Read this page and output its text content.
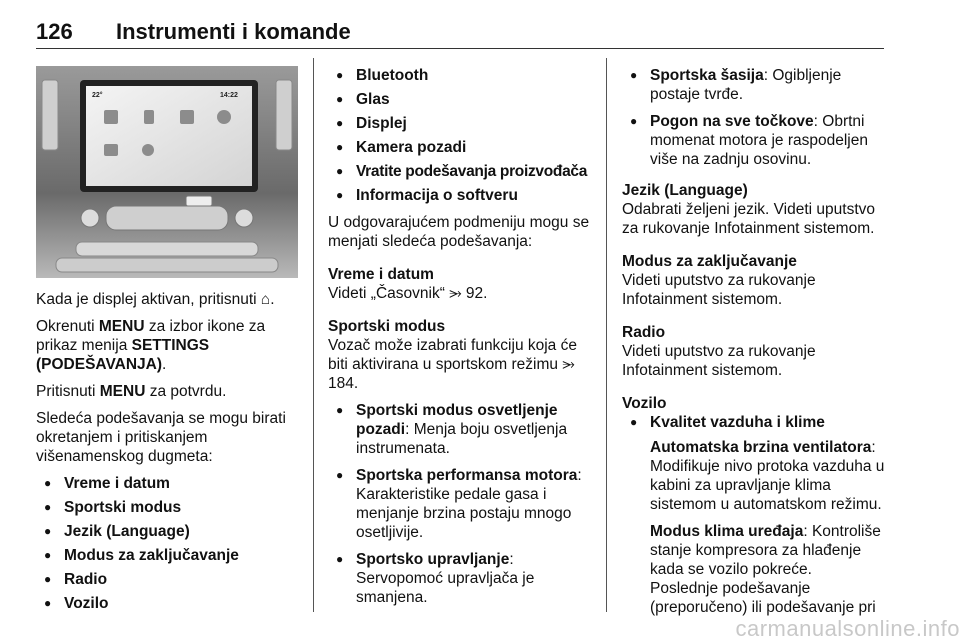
126 Instrumenti i komande
22°	14:22

Kada je displej aktivan, pritisnuti ⌂.

Okrenuti MENU za izbor ikone za prikaz menija SETTINGS (PODEŠAVANJA).

Pritisnuti MENU za potvrdu.

Sledeća podešavanja se mogu birati okretanjem i pritiskanjem višenamenskog dugmeta:

● Vreme i datum
● Sportski modus
● Jezik (Language)
● Modus za zaključavanje
● Radio
● Vozilo
● Bluetooth
● Glas
● Displej
● Kamera pozadi
● Vratite podešavanja proizvođača
● Informacija o softveru

U odgovarajućem podmeniju mogu se menjati sledeća podešavanja:

Vreme i datum
Videti „Časovnik“ ⭃ 92.

Sportski modus
Vozač može izabrati funkciju koja će biti aktivirana u sportskom režimu ⭃ 184.

● Sportski modus osvetljenje pozadi: Menja boju osvetljenja instrumenata.
● Sportska performansa motora: Karakteristike pedale gasa i menjanje brzina postaju mnogo osetljivije.
● Sportsko upravljanje: Servopomoć upravljača je smanjena.
● Sportska šasija: Ogibljenje postaje tvrđe.
● Pogon na sve točkove: Obrtni momenat motora je raspodeljen više na zadnju osovinu.

Jezik (Language)
Odabrati željeni jezik. Videti uputstvo za rukovanje Infotainment sistemom.

Modus za zaključavanje
Videti uputstvo za rukovanje Infotainment sistemom.

Radio
Videti uputstvo za rukovanje Infotainment sistemom.

Vozilo

● Kvalitet vazduha i klime

Automatska brzina ventilatora: Modifikuje nivo protoka vazduha u kabini za upravljanje klima sistemom u automatskom režimu.

Modus klima uređaja: Kontroliše stanje kompresora za hlađenje kada se vozilo pokreće.

Poslednje podešavanje (preporučeno) ili podešavanje pri

carmanualsonline.info
